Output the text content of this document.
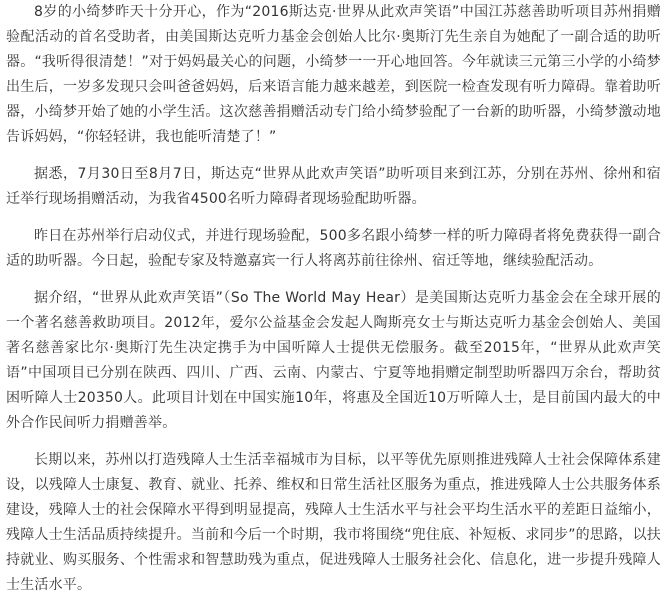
8岁的小绮梦昨天十分开心，作为“2016斯达克·世界从此欢声笑语”中国江苏慈善助听项目苏州捐赠验配活动的首名受助者，由美国斯达克听力基金会创始人比尔·奥斯汀先生亲自为她配了一副合适的助听器。“我听得很清楚！”对于妈妈最关心的问题，小绮梦一一开心地回答。今年就读三元第三小学的小绮梦出生后，一岁多发现只会叫爸爸妈妈，后来语言能力越来越差，到医院一检查发现有听力障碍。靠着助听器，小绮梦开始了她的小学生活。这次慈善捐赠活动专门给小绮梦验配了一台新的助听器，小绮梦激动地告诉妈妈，“你轻轻讲，我也能听清楚了！”

据悉，7月30日至8月7日，斯达克“世界从此欢声笑语”助听项目来到江苏，分别在苏州、徐州和宿迁举行现场捐赠活动，为我省4500名听力障碍者现场验配助听器。

昨日在苏州举行启动仪式，并进行现场验配，500多名跟小绮梦一样的听力障碍者将免费获得一副合适的助听器。今日起，验配专家及特邀嘉宾一行人将离苏前往徐州、宿迁等地，继续验配活动。

据介绍，“世界从此欢声笑语”（So The World May Hear）是美国斯达克听力基金会在全球开展的一个著名慈善救助项目。2012年，爱尔公益基金会发起人陶斯亮女士与斯达克听力基金会创始人、美国著名慈善家比尔·奥斯汀先生决定携手为中国听障人士提供无偿服务。截至2015年，“世界从此欢声笑语”中国项目已分别在陕西、四川、广西、云南、内蒙古、宁夏等地捐赠定制型助听器四万余台，帮助贫困听障人士20350人。此项目计划在中国实施10年，将惠及全国近10万听障人士，是目前国内最大的中外合作民间听力捐赠善举。

长期以来，苏州以打造残障人士生活幸福城市为目标，以平等优先原则推进残障人士社会保障体系建设，以残障人士康复、教育、就业、托养、维权和日常生活社区服务为重点，推进残障人士公共服务体系建设，残障人士的社会保障水平得到明显提高，残障人士生活水平与社会平均生活水平的差距日益缩小，残障人士生活品质持续提升。当前和今后一个时期，我市将围绕“兜住底、补短板、求同步”的思路，以扶持就业、购买服务、个性需求和智慧助残为重点，促进残障人士服务社会化、信息化，进一步提升残障人士生活水平。
